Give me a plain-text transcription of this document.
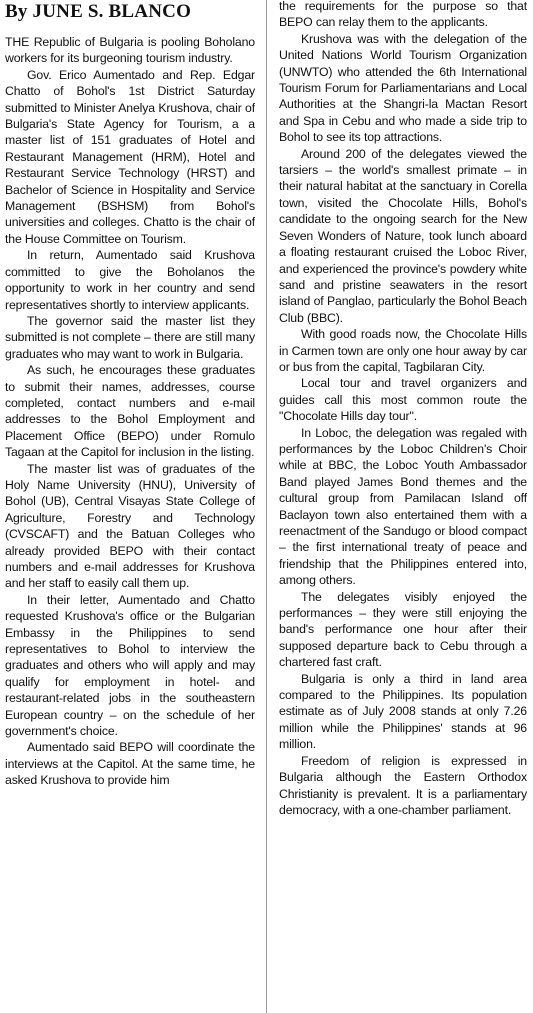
By JUNE S. BLANCO

THE Republic of Bulgaria is pooling Boholano workers for its burgeoning tourism industry.

Gov. Erico Aumentado and Rep. Edgar Chatto of Bohol's 1st District Saturday submitted to Minister Anelya Krushova, chair of Bulgaria's State Agency for Tourism, a a master list of 151 graduates of Hotel and Restaurant Management (HRM), Hotel and Restaurant Service Technology (HRST) and Bachelor of Science in Hospitality and Service Management (BSHSM) from Bohol's universities and colleges. Chatto is the chair of the House Committee on Tourism.

In return, Aumentado said Krushova committed to give the Boholanos the opportunity to work in her country and send representatives shortly to interview applicants.

The governor said the master list they submitted is not complete – there are still many graduates who may want to work in Bulgaria.

As such, he encourages these graduates to submit their names, addresses, course completed, contact numbers and e-mail addresses to the Bohol Employment and Placement Office (BEPO) under Romulo Tagaan at the Capitol for inclusion in the listing.

The master list was of graduates of the Holy Name University (HNU), University of Bohol (UB), Central Visayas State College of Agriculture, Forestry and Technology (CVSCAFT) and the Batuan Colleges who already provided BEPO with their contact numbers and e-mail addresses for Krushova and her staff to easily call them up.

In their letter, Aumentado and Chatto requested Krushova's office or the Bulgarian Embassy in the Philippines to send representatives to Bohol to interview the graduates and others who will apply and may qualify for employment in hotel- and restaurant-related jobs in the southeastern European country – on the schedule of her government's choice.

Aumentado said BEPO will coordinate the interviews at the Capitol. At the same time, he asked Krushova to provide him

the requirements for the purpose so that BEPO can relay them to the applicants.

Krushova was with the delegation of the United Nations World Tourism Organization (UNWTO) who attended the 6th International Tourism Forum for Parliamentarians and Local Authorities at the Shangri-la Mactan Resort and Spa in Cebu and who made a side trip to Bohol to see its top attractions.

Around 200 of the delegates viewed the tarsiers – the world's smallest primate – in their natural habitat at the sanctuary in Corella town, visited the Chocolate Hills, Bohol's candidate to the ongoing search for the New Seven Wonders of Nature, took lunch aboard a floating restaurant cruised the Loboc River, and experienced the province's powdery white sand and pristine seawaters in the resort island of Panglao, particularly the Bohol Beach Club (BBC).

With good roads now, the Chocolate Hills in Carmen town are only one hour away by car or bus from the capital, Tagbilaran City.

Local tour and travel organizers and guides call this most common route the "Chocolate Hills day tour".

In Loboc, the delegation was regaled with performances by the Loboc Children's Choir while at BBC, the Loboc Youth Ambassador Band played James Bond themes and the cultural group from Pamilacan Island off Baclayon town also entertained them with a reenactment of the Sandugo or blood compact – the first international treaty of peace and friendship that the Philippines entered into, among others.

The delegates visibly enjoyed the performances – they were still enjoying the band's performance one hour after their supposed departure back to Cebu through a chartered fast craft.

Bulgaria is only a third in land area compared to the Philippines. Its population estimate as of July 2008 stands at only 7.26 million while the Philippines' stands at 96 million.

Freedom of religion is expressed in Bulgaria although the Eastern Orthodox Christianity is prevalent. It is a parliamentary democracy, with a one-chamber parliament.
